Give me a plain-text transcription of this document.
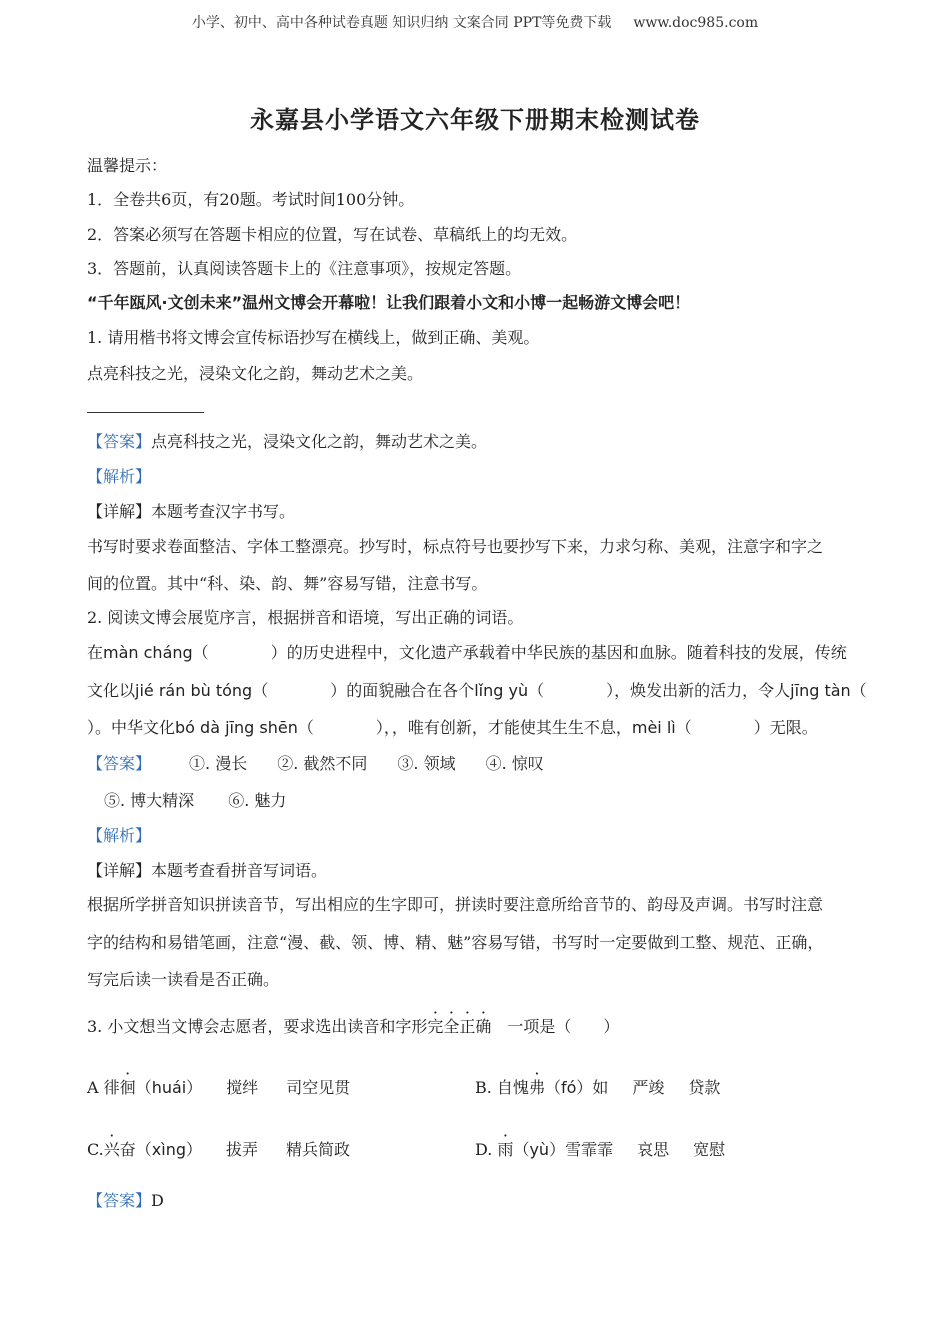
小学、初中、高中各种试卷真题 知识归纳 文案合同 PPT等免费下载 www.doc985.com
永嘉县小学语文六年级下册期末检测试卷
温馨提示：
1．全卷共6页，有20题。考试时间100分钟。
2．答案必须写在答题卡相应的位置，写在试卷、草稿纸上的均无效。
3．答题前，认真阅读答题卡上的《注意事项》，按规定答题。
“千年瓯风·文创未来”温州文博会开幕啦！让我们跟着小文和小博一起畅游文博会吧！
1. 请用楷书将文博会宣传标语抄写在横线上，做到正确、美观。
点亮科技之光，浸染文化之韵，舞动艺术之美。
【答案】点亮科技之光，浸染文化之韵，舞动艺术之美。
【解析】
【详解】本题考查汉字书写。
书写时要求卷面整洁、字体工整漂亮。抄写时，标点符号也要抄写下来，力求匀称、美观，注意字和字之
间的位置。其中“科、染、韵、舞”容易写错，注意书写。
2. 阅读文博会展览序言，根据拼音和语境，写出正确的词语。
在màn cháng（	）的历史进程中，文化遗产承载着中华民族的基因和血脉。随着科技的发展，传统
文化以jié rán bù tóng（	）的面貌融合在各个lǐng yù（	），焕发出新的活力，令人jīng tàn（
）。中华文化bó dà jīng shēn（	），，唯有创新，才能使其生生不息，mèi lì（	）无限。
【答案】 ①. 漫长 ②. 截然不同 ③. 领域 ④. 惊叹
⑤. 博大精深 ⑥. 魅力
【解析】
【详解】本题考查看拼音写词语。
根据所学拼音知识拼读音节，写出相应的生字即可，拼读时要注意所给音节的、韵母及声调。书写时注意
字的结构和易错笔画，注意“漫、截、领、博、精、魅”容易写错，书写时一定要做到工整、规范、正确，
写完后读一读看是否正确。
3. 小文想当文博会志愿者，要求选出读音和字形完全正确 一项是（　　）
A 徘徊（huái） 搅绊 司空见贯	B. 自愧弗（fó）如 严竣 贷款
C.兴奋（xìng） 拔弄 精兵简政	D. 雨（yù）雪霏霏 哀思 宽慰
【答案】D
